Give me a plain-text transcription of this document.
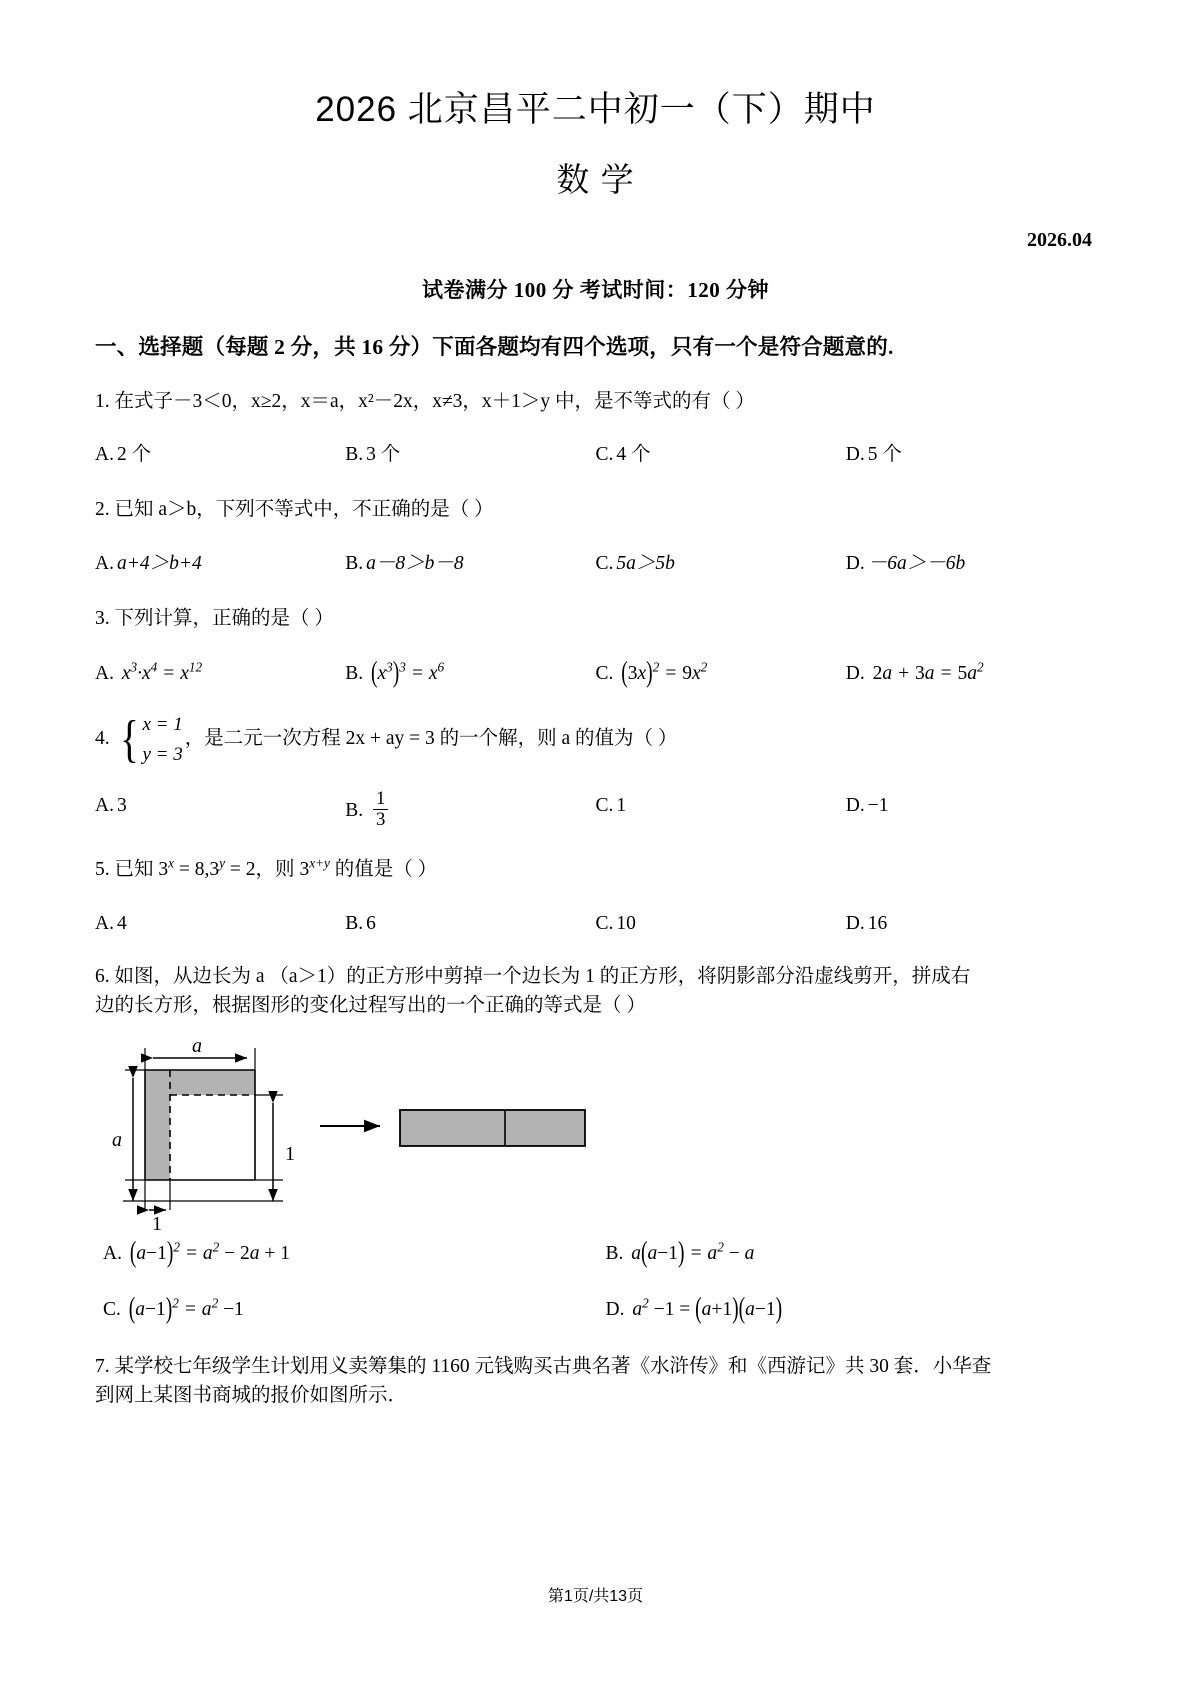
2026 北京昌平二中初一（下）期中
数 学
2026.04
试卷满分 100 分 考试时间：120 分钟
一、选择题（每题 2 分，共 16 分）下面各题均有四个选项，只有一个是符合题意的.
1. 在式子－3＜0，x≥2，x＝a，x²－2x，x≠3，x＋1＞y 中，是不等式的有（ ）
A. 2 个	B. 3 个	C. 4 个	D. 5 个
2. 已知 a＞b，下列不等式中，不正确的是（ ）
A. a+4＞b+4	B. a－8＞b－8	C. 5a＞5b	D. －6a＞－6b
3. 下列计算，正确的是（ ）
A. $x^3\cdot x^4 = x^{12}$	B. $(x^3)^3 = x^6$	C. $(3x)^2 = 9x^2$	D. $2a + 3a = 5a^2$
4. { x = 1
y = 3
，是二元一次方程 2x + ay = 3 的一个解，则 a 的值为（ ）
A. 3	B. $\frac{1}{3}$	C. 1	D. −1
5. 已知 $3^x = 8,3^y = 2$，则 $3^{x+y}$ 的值是（ ）
A. 4	B. 6	C. 10	D. 16
6. 如图，从边长为 a （a＞1）的正方形中剪掉一个边长为 1 的正方形，将阴影部分沿虚线剪开，拼成右
边的长方形，根据图形的变化过程写出的一个正确的等式是（ ）
a
a
1
1
A. $(a-1)^2 = a^2 - 2a + 1$	B. $a(a-1) = a^2 - a$
C. $(a-1)^2 = a^2 -1$	D. $a^2 -1 = (a+1)(a-1)$
7. 某学校七年级学生计划用义卖筹集的 1160 元钱购买古典名著《水浒传》和《西游记》共 30 套．小华查
到网上某图书商城的报价如图所示．
第1页/共13页
